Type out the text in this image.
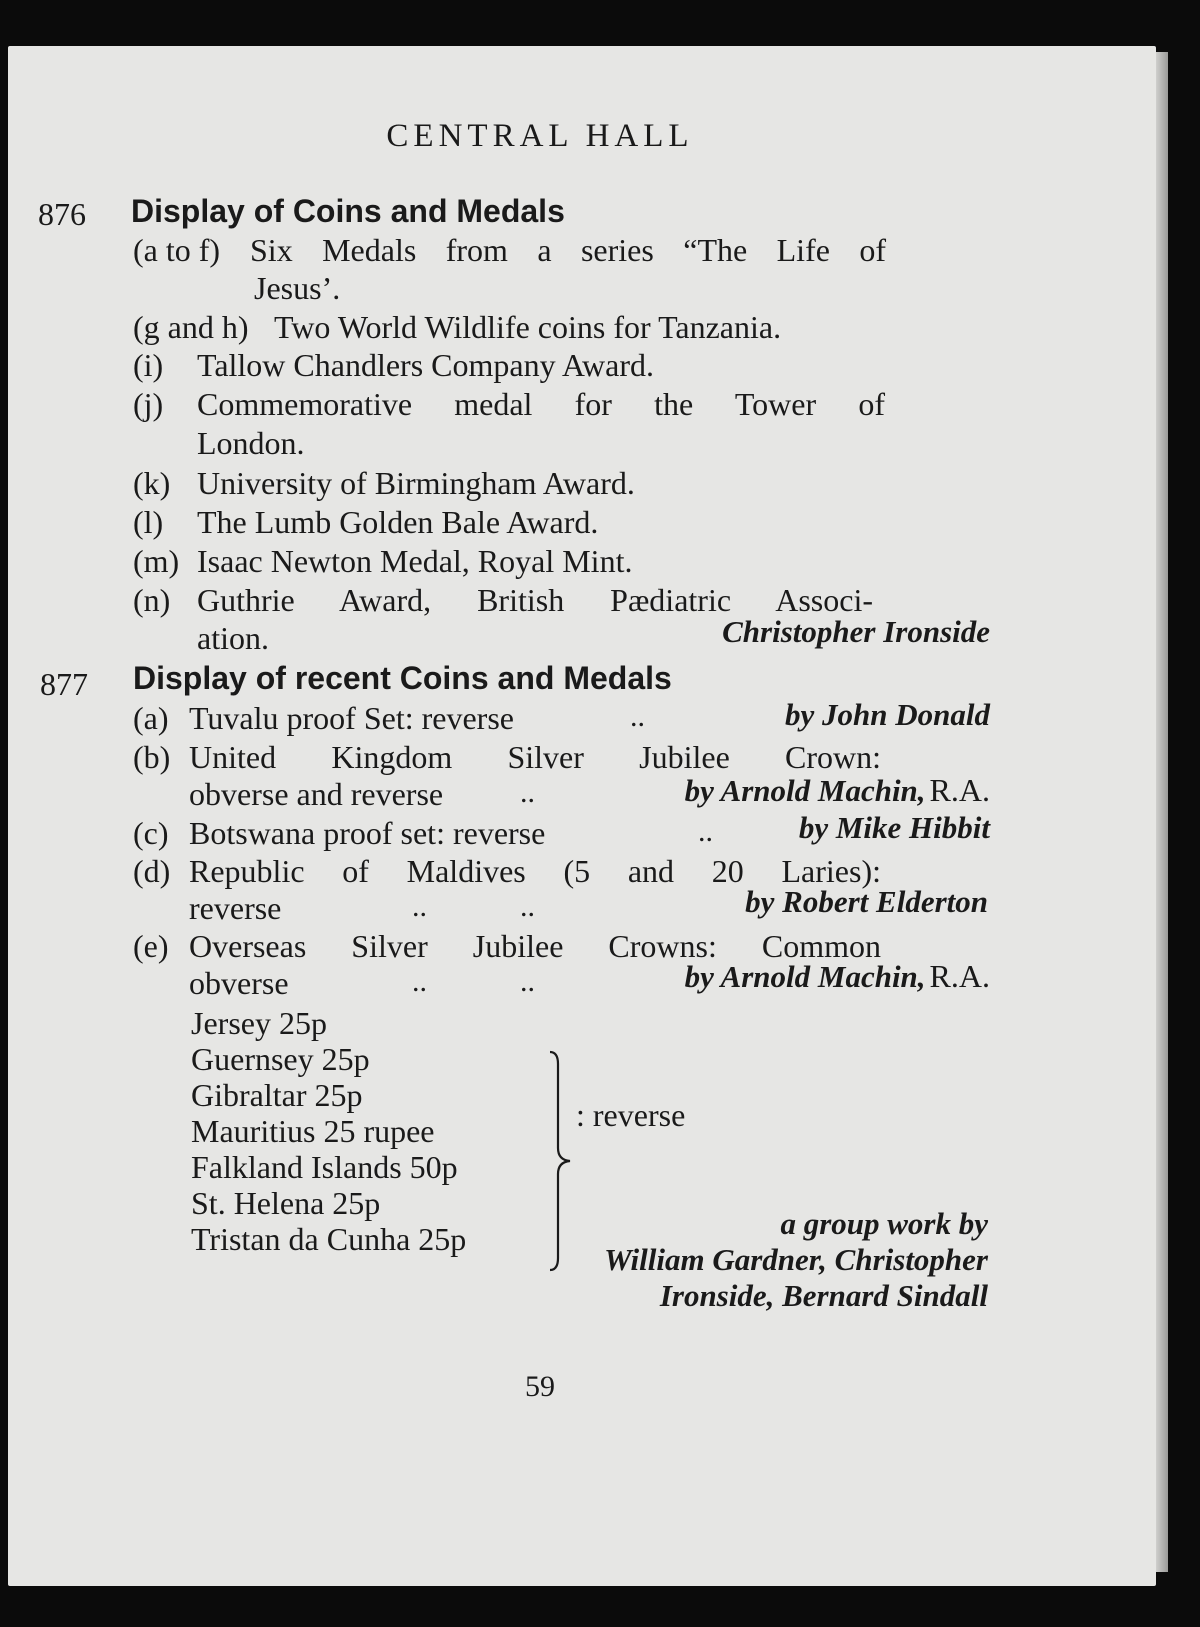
CENTRAL HALL
876 Display of Coins and Medals
(a to f) Six Medals from a series “The Life of
Jesus’.
(g and h) Two World Wildlife coins for Tanzania.
(i) Tallow Chandlers Company Award.
(j) Commemorative medal for the Tower of
London.
(k) University of Birmingham Award.
(l) The Lumb Golden Bale Award.
(m) Isaac Newton Medal, Royal Mint.
(n) Guthrie Award, British Pædiatric Associ-
ation.	Christopher Ironside
877 Display of recent Coins and Medals
(a) Tuvalu proof Set: reverse	..	by John Donald
(b) United Kingdom Silver Jubilee Crown:
obverse and reverse	..	by Arnold Machin, R.A.
(c) Botswana proof set: reverse	..	by Mike Hibbit
(d) Republic of Maldives (5 and 20 Laries):
reverse	..	..	by Robert Elderton
(e) Overseas Silver Jubilee Crowns: Common
obverse	..	..	by Arnold Machin, R.A.
Jersey 25p
Guernsey 25p
Gibraltar 25p
Mauritius 25 rupee
Falkland Islands 50p
St. Helena 25p
Tristan da Cunha 25p
: reverse
a group work by
William Gardner, Christopher
Ironside, Bernard Sindall
59
